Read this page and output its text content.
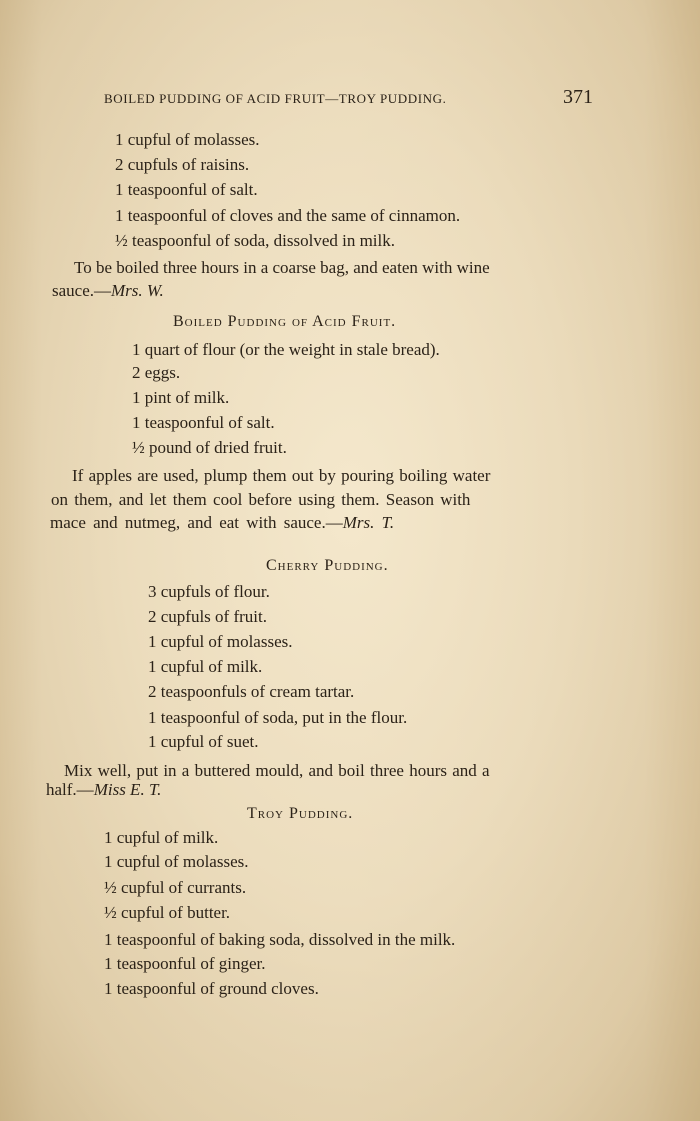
BOILED PUDDING OF ACID FRUIT—TROY PUDDING.	371
1 cupful of molasses.
2 cupfuls of raisins.
1 teaspoonful of salt.
1 teaspoonful of cloves and the same of cinnamon.
½ teaspoonful of soda, dissolved in milk.
To be boiled three hours in a coarse bag, and eaten with wine
sauce.—Mrs. W.
Boiled Pudding of Acid Fruit.
1 quart of flour (or the weight in stale bread).
2 eggs.
1 pint of milk.
1 teaspoonful of salt.
½ pound of dried fruit.
If apples are used, plump them out by pouring boiling water
on them, and let them cool before using them. Season with
mace and nutmeg, and eat with sauce.—Mrs. T.
Cherry Pudding.
3 cupfuls of flour.
2 cupfuls of fruit.
1 cupful of molasses.
1 cupful of milk.
2 teaspoonfuls of cream tartar.
1 teaspoonful of soda, put in the flour.
1 cupful of suet.
Mix well, put in a buttered mould, and boil three hours and a
half.—Miss E. T.
Troy Pudding.
1 cupful of milk.
1 cupful of molasses.
½ cupful of currants.
½ cupful of butter.
1 teaspoonful of baking soda, dissolved in the milk.
1 teaspoonful of ginger.
1 teaspoonful of ground cloves.
